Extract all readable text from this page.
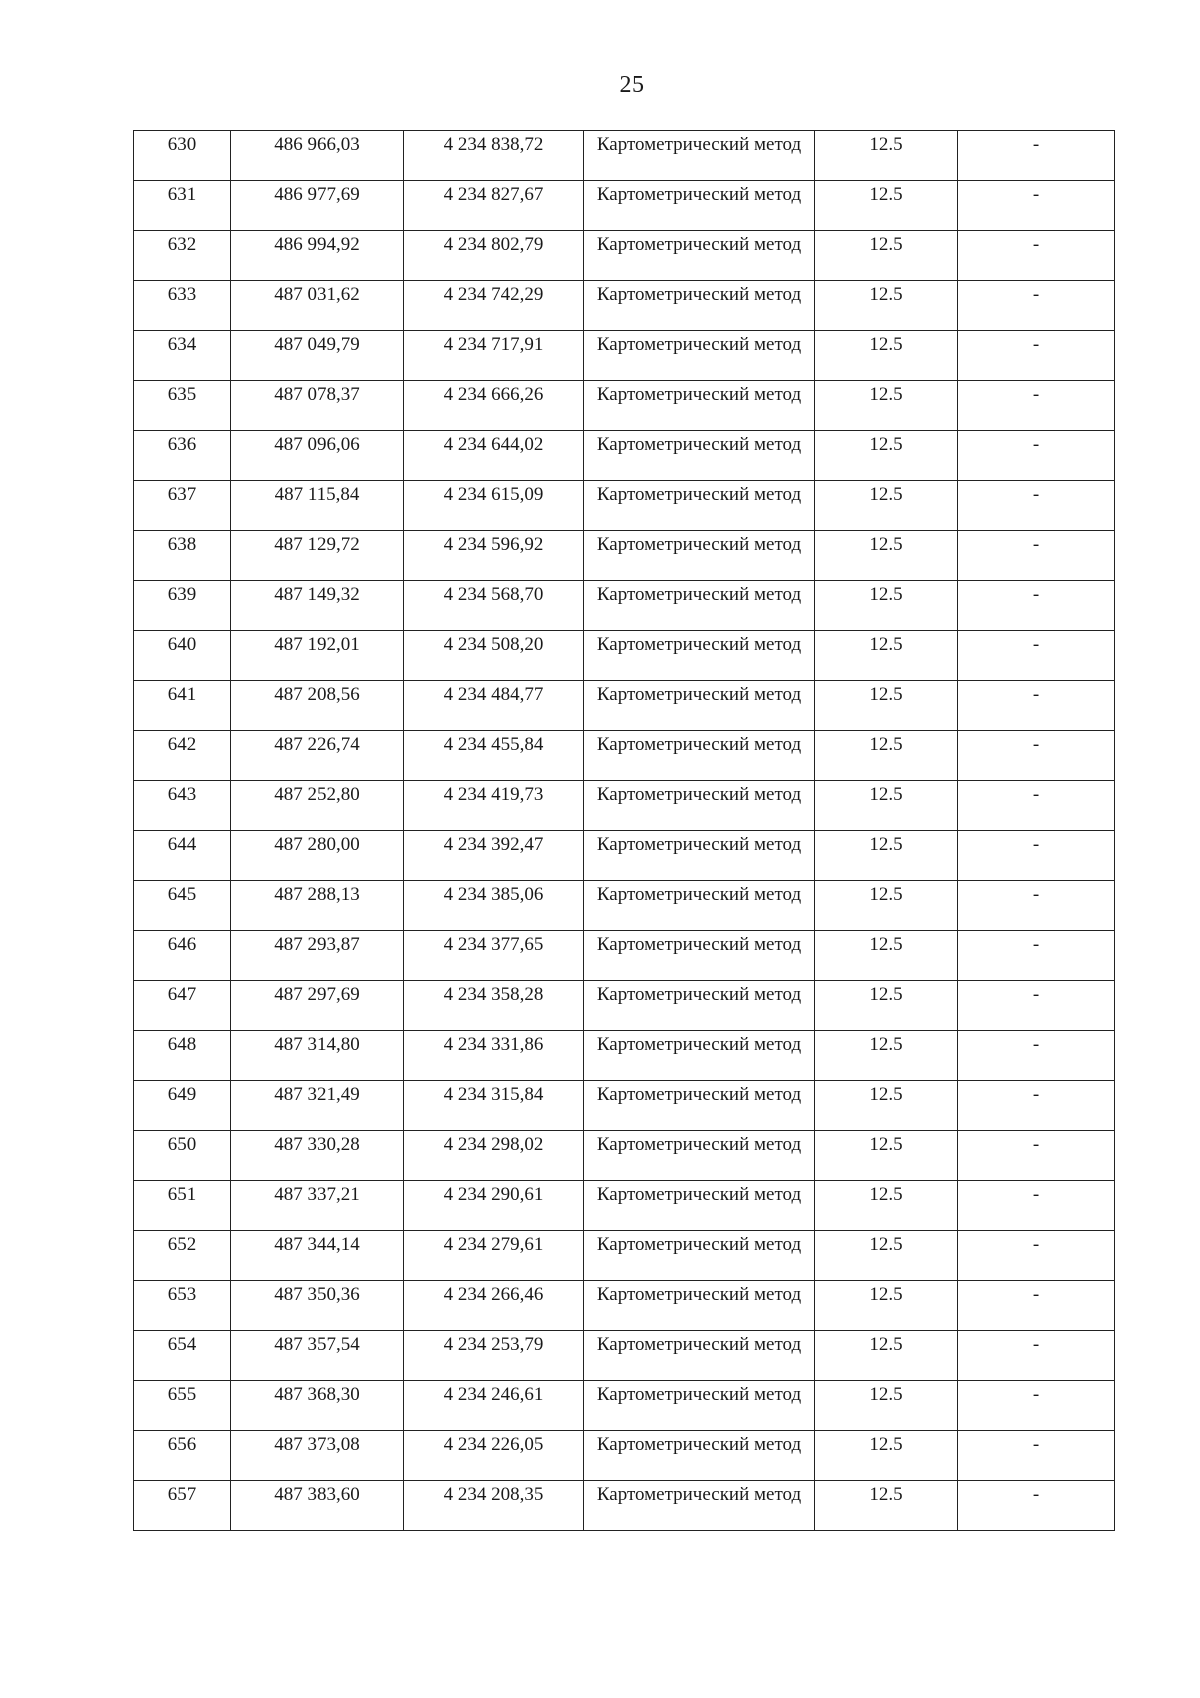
25
630	486 966,03	4 234 838,72	Картометрический метод	12.5	-
631	486 977,69	4 234 827,67	Картометрический метод	12.5	-
632	486 994,92	4 234 802,79	Картометрический метод	12.5	-
633	487 031,62	4 234 742,29	Картометрический метод	12.5	-
634	487 049,79	4 234 717,91	Картометрический метод	12.5	-
635	487 078,37	4 234 666,26	Картометрический метод	12.5	-
636	487 096,06	4 234 644,02	Картометрический метод	12.5	-
637	487 115,84	4 234 615,09	Картометрический метод	12.5	-
638	487 129,72	4 234 596,92	Картометрический метод	12.5	-
639	487 149,32	4 234 568,70	Картометрический метод	12.5	-
640	487 192,01	4 234 508,20	Картометрический метод	12.5	-
641	487 208,56	4 234 484,77	Картометрический метод	12.5	-
642	487 226,74	4 234 455,84	Картометрический метод	12.5	-
643	487 252,80	4 234 419,73	Картометрический метод	12.5	-
644	487 280,00	4 234 392,47	Картометрический метод	12.5	-
645	487 288,13	4 234 385,06	Картометрический метод	12.5	-
646	487 293,87	4 234 377,65	Картометрический метод	12.5	-
647	487 297,69	4 234 358,28	Картометрический метод	12.5	-
648	487 314,80	4 234 331,86	Картометрический метод	12.5	-
649	487 321,49	4 234 315,84	Картометрический метод	12.5	-
650	487 330,28	4 234 298,02	Картометрический метод	12.5	-
651	487 337,21	4 234 290,61	Картометрический метод	12.5	-
652	487 344,14	4 234 279,61	Картометрический метод	12.5	-
653	487 350,36	4 234 266,46	Картометрический метод	12.5	-
654	487 357,54	4 234 253,79	Картометрический метод	12.5	-
655	487 368,30	4 234 246,61	Картометрический метод	12.5	-
656	487 373,08	4 234 226,05	Картометрический метод	12.5	-
657	487 383,60	4 234 208,35	Картометрический метод	12.5	-
